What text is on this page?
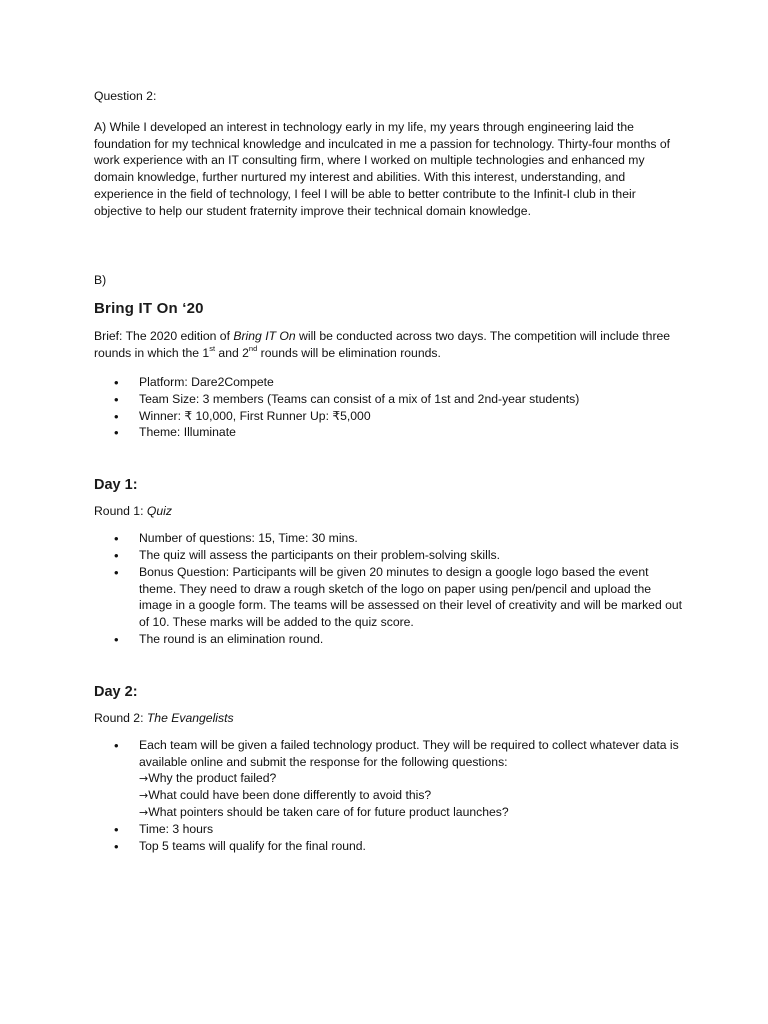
Question 2:

A) While I developed an interest in technology early in my life, my years through engineering laid the foundation for my technical knowledge and inculcated in me a passion for technology. Thirty-four months of work experience with an IT consulting firm, where I worked on multiple technologies and enhanced my domain knowledge, further nurtured my interest and abilities. With this interest, understanding, and experience in the field of technology, I feel I will be able to better contribute to the Infinit-I club in their objective to help our student fraternity improve their technical domain knowledge.

B)

Bring IT On ‘20

Brief: The 2020 edition of Bring IT On will be conducted across two days. The competition will include three rounds in which the 1st and 2nd rounds will be elimination rounds.

• Platform: Dare2Compete
• Team Size: 3 members (Teams can consist of a mix of 1st and 2nd-year students)
• Winner: ₹ 10,000, First Runner Up: ₹5,000
• Theme: Illuminate
Day 1:

Round 1: Quiz

• Number of questions: 15, Time: 30 mins.
• The quiz will assess the participants on their problem-solving skills.
• Bonus Question: Participants will be given 20 minutes to design a google logo based the event theme. They need to draw a rough sketch of the logo on paper using pen/pencil and upload the image in a google form. The teams will be assessed on their level of creativity and will be marked out of 10. These marks will be added to the quiz score.
• The round is an elimination round.
Day 2:

Round 2: The Evangelists

• Each team will be given a failed technology product. They will be required to collect whatever data is available online and submit the response for the following questions:
→Why the product failed?
→What could have been done differently to avoid this?
→What pointers should be taken care of for future product launches?
• Time: 3 hours
• Top 5 teams will qualify for the final round.
